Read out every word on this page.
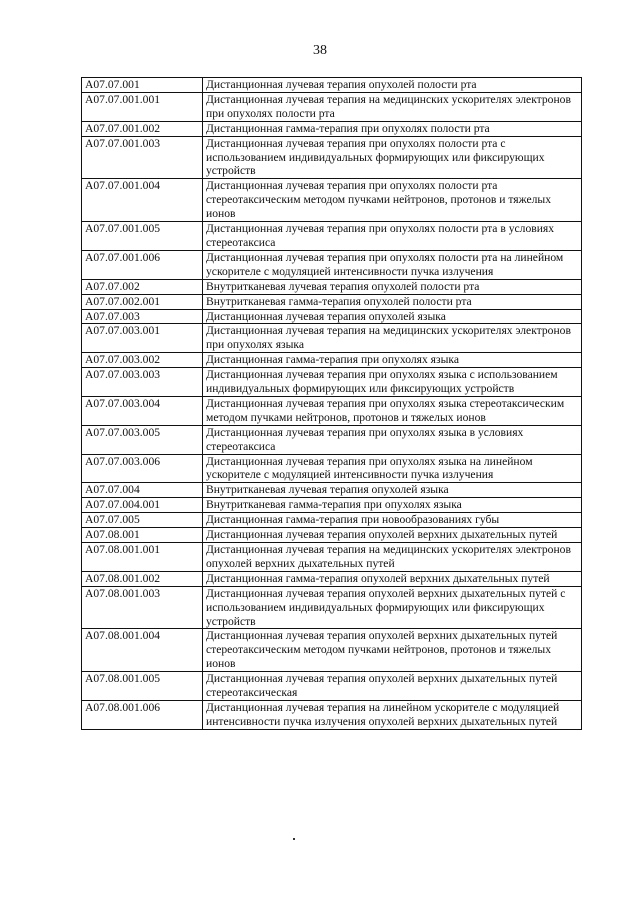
38
A07.07.001	Дистанционная лучевая терапия опухолей полости рта
A07.07.001.001	Дистанционная лучевая терапия на медицинских ускорителях электронов при опухолях полости рта
A07.07.001.002	Дистанционная гамма-терапия при опухолях полости рта
A07.07.001.003	Дистанционная лучевая терапия при опухолях полости рта с использованием индивидуальных формирующих или фиксирующих устройств
A07.07.001.004	Дистанционная лучевая терапия при опухолях полости рта стереотаксическим методом пучками нейтронов, протонов и тяжелых ионов
A07.07.001.005	Дистанционная лучевая терапия при опухолях полости рта в условиях стереотаксиса
A07.07.001.006	Дистанционная лучевая терапия при опухолях полости рта на линейном ускорителе с модуляцией интенсивности пучка излучения
A07.07.002	Внутритканевая лучевая терапия опухолей полости рта
A07.07.002.001	Внутритканевая гамма-терапия опухолей полости рта
A07.07.003	Дистанционная лучевая терапия опухолей языка
A07.07.003.001	Дистанционная лучевая терапия на медицинских ускорителях электронов при опухолях языка
A07.07.003.002	Дистанционная гамма-терапия при опухолях языка
A07.07.003.003	Дистанционная лучевая терапия при опухолях языка с использованием индивидуальных формирующих или фиксирующих устройств
A07.07.003.004	Дистанционная лучевая терапия при опухолях языка стереотаксическим методом пучками нейтронов, протонов и тяжелых ионов
A07.07.003.005	Дистанционная лучевая терапия при опухолях языка в условиях стереотаксиса
A07.07.003.006	Дистанционная лучевая терапия при опухолях языка на линейном ускорителе с модуляцией интенсивности пучка излучения
A07.07.004	Внутритканевая лучевая терапия опухолей языка
A07.07.004.001	Внутритканевая гамма-терапия при опухолях языка
A07.07.005	Дистанционная гамма-терапия при новообразованиях губы
A07.08.001	Дистанционная лучевая терапия опухолей верхних дыхательных путей
A07.08.001.001	Дистанционная лучевая терапия на медицинских ускорителях электронов опухолей верхних дыхательных путей
A07.08.001.002	Дистанционная гамма-терапия опухолей верхних дыхательных путей
A07.08.001.003	Дистанционная лучевая терапия опухолей верхних дыхательных путей с использованием индивидуальных формирующих или фиксирующих устройств
A07.08.001.004	Дистанционная лучевая терапия опухолей верхних дыхательных путей стереотаксическим методом пучками нейтронов, протонов и тяжелых ионов
A07.08.001.005	Дистанционная лучевая терапия опухолей верхних дыхательных путей стереотаксическая
A07.08.001.006	Дистанционная лучевая терапия на линейном ускорителе с модуляцией интенсивности пучка излучения опухолей верхних дыхательных путей
